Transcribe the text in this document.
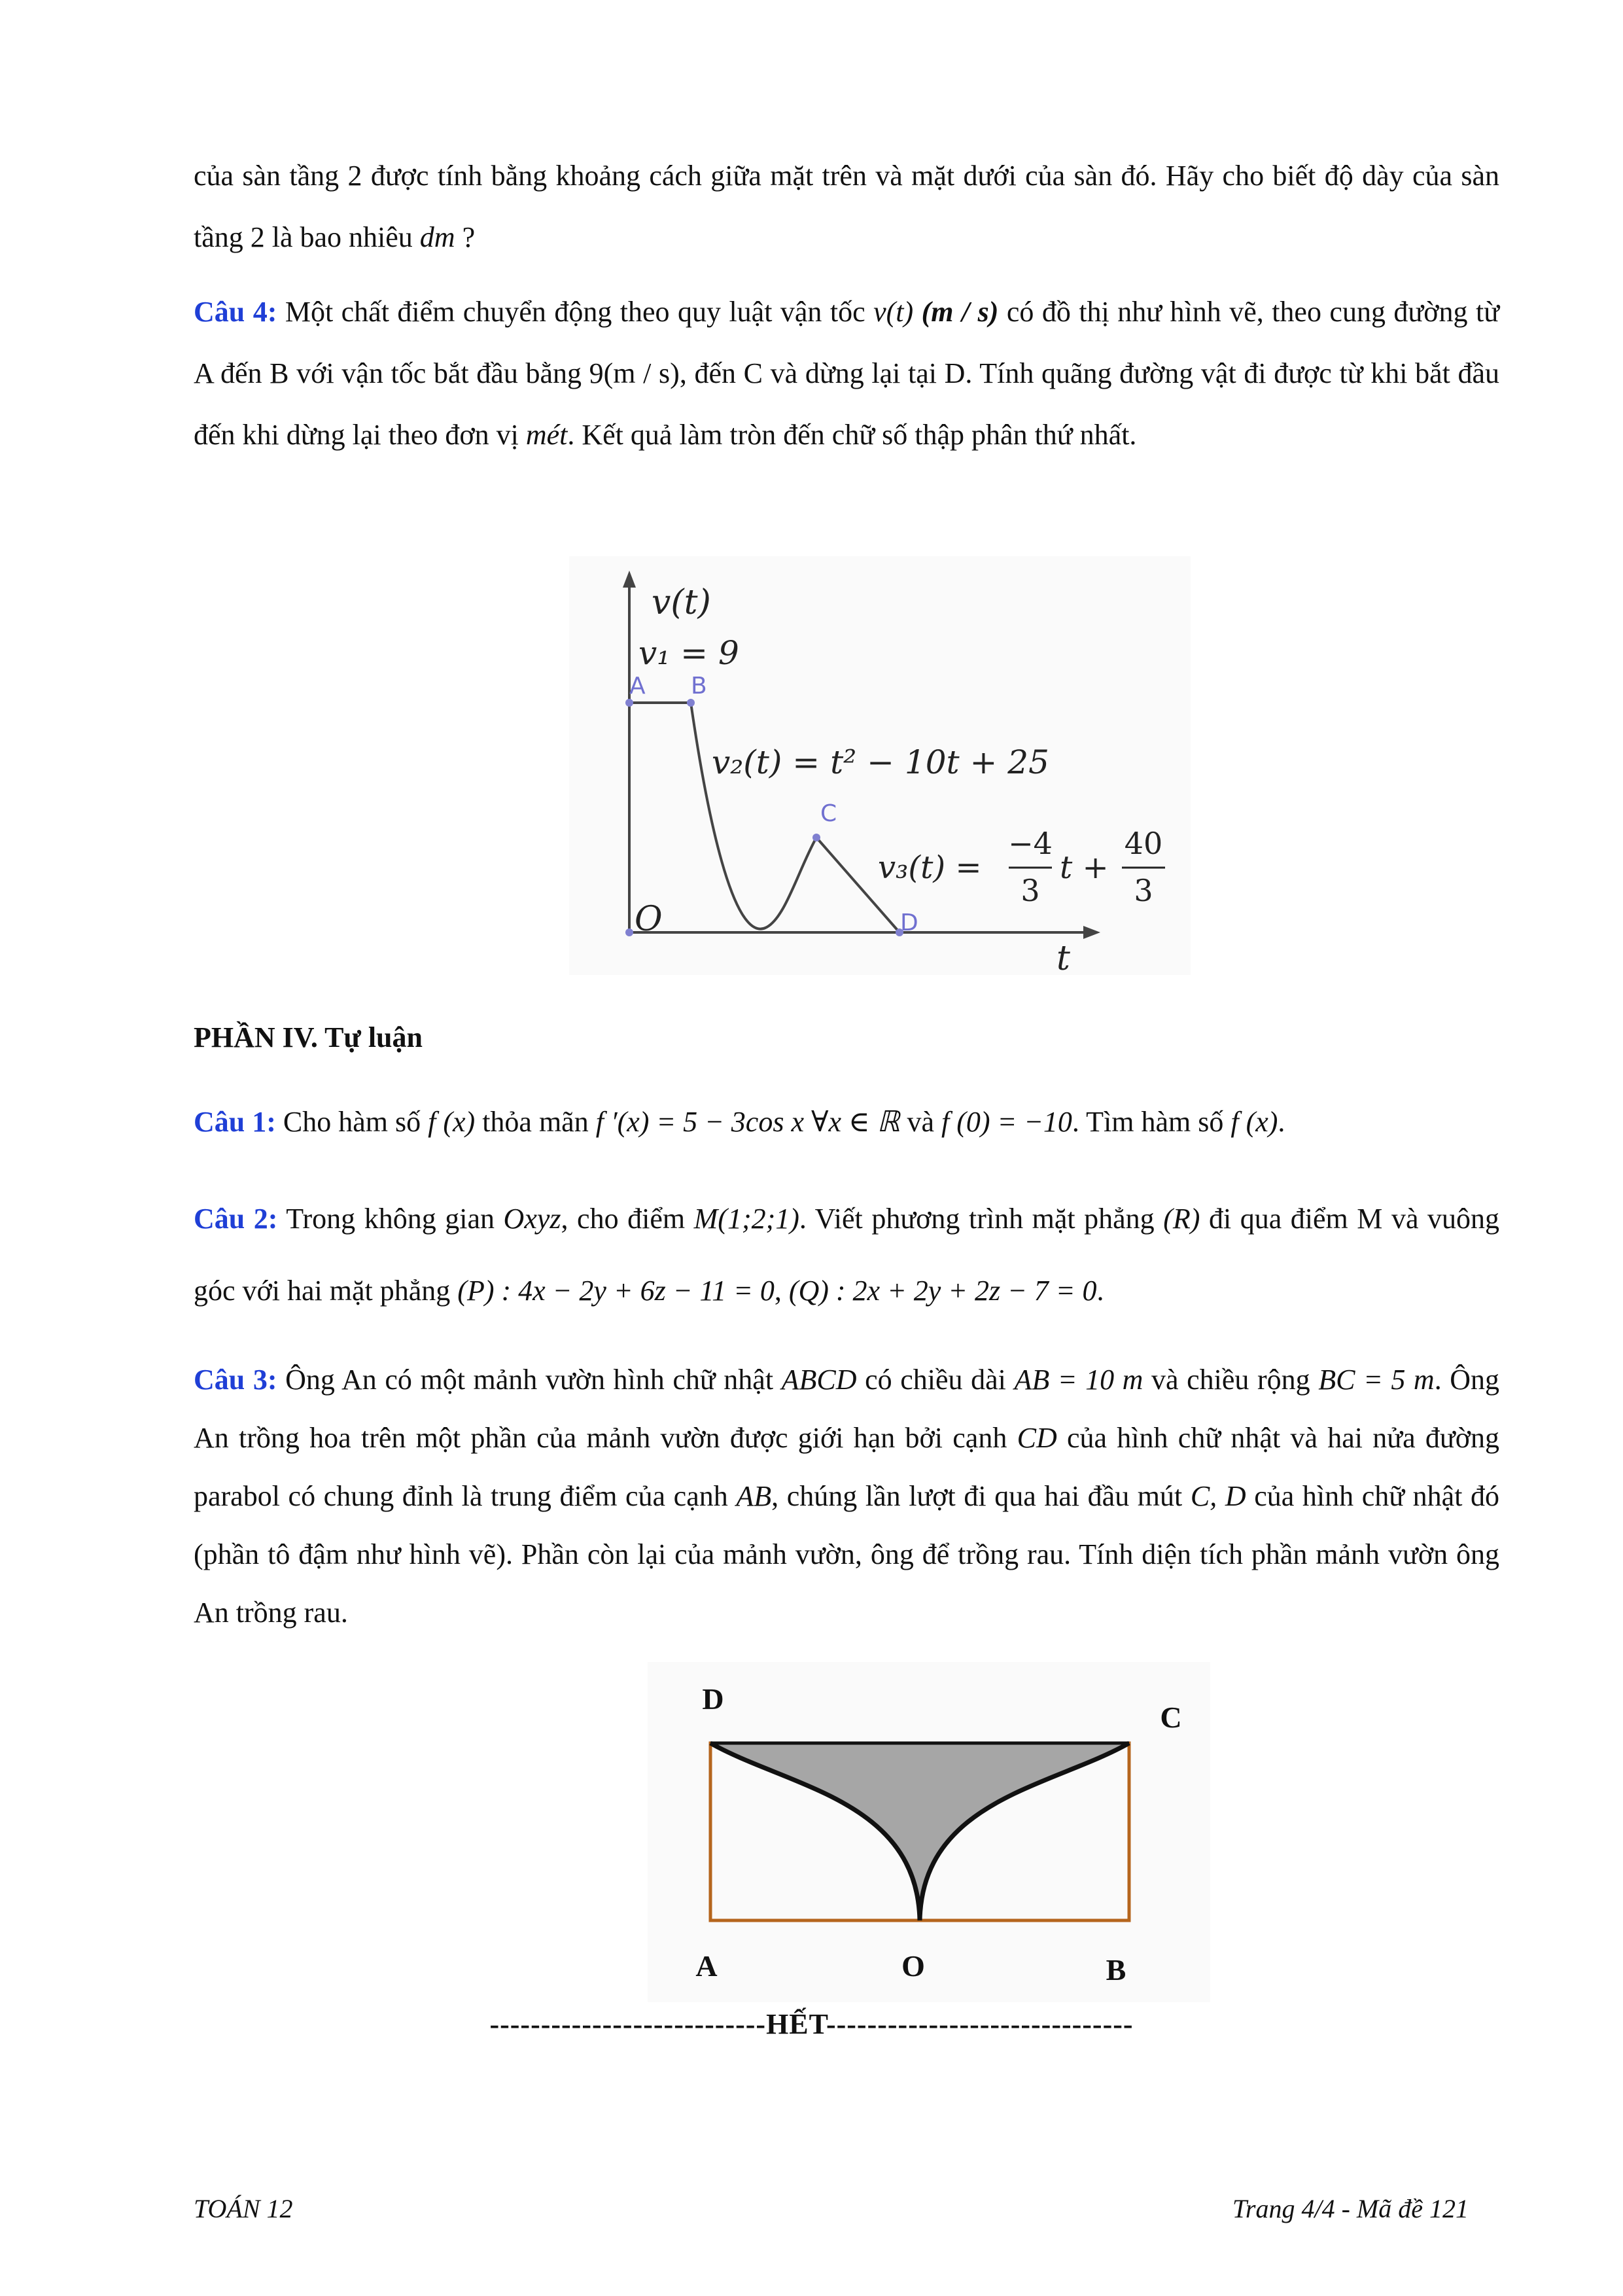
của sàn tầng 2 được tính bằng khoảng cách giữa mặt trên và mặt dưới của sàn đó. Hãy cho biết độ dày của sàn tầng 2 là bao nhiêu dm ?
Câu 4: Một chất điểm chuyển động theo quy luật vận tốc v(t) (m / s) có đồ thị như hình vẽ, theo cung đường từ A đến B với vận tốc bắt đầu bằng 9(m / s), đến C và dừng lại tại D. Tính quãng đường vật đi được từ khi bắt đầu đến khi dừng lại theo đơn vị mét. Kết quả làm tròn đến chữ số thập phân thứ nhất.
v(t)
v₁ = 9
A B
C
D
O
t
v₂(t) = t² − 10t + 25
v₃(t) =
−4
3
t +
40
3
PHẦN IV. Tự luận
Câu 1: Cho hàm số f (x) thỏa mãn f ′(x) = 5 − 3cos x ∀x ∈ ℝ và f (0) = −10. Tìm hàm số f (x).
Câu 2: Trong không gian Oxyz, cho điểm M(1;2;1). Viết phương trình mặt phẳng (R) đi qua điểm M và vuông góc với hai mặt phẳng (P) : 4x − 2y + 6z − 11 = 0, (Q) : 2x + 2y + 2z − 7 = 0.
Câu 3: Ông An có một mảnh vườn hình chữ nhật ABCD có chiều dài AB = 10 m và chiều rộng BC = 5 m. Ông An trồng hoa trên một phần của mảnh vườn được giới hạn bởi cạnh CD của hình chữ nhật và hai nửa đường parabol có chung đỉnh là trung điểm của cạnh AB, chúng lần lượt đi qua hai đầu mút C, D của hình chữ nhật đó (phần tô đậm như hình vẽ). Phần còn lại của mảnh vườn, ông để trồng rau. Tính diện tích phần mảnh vườn ông An trồng rau.
D
C
A	O	B
---------------------------HẾT------------------------------
TOÁN 12	Trang 4/4 - Mã đề 121
